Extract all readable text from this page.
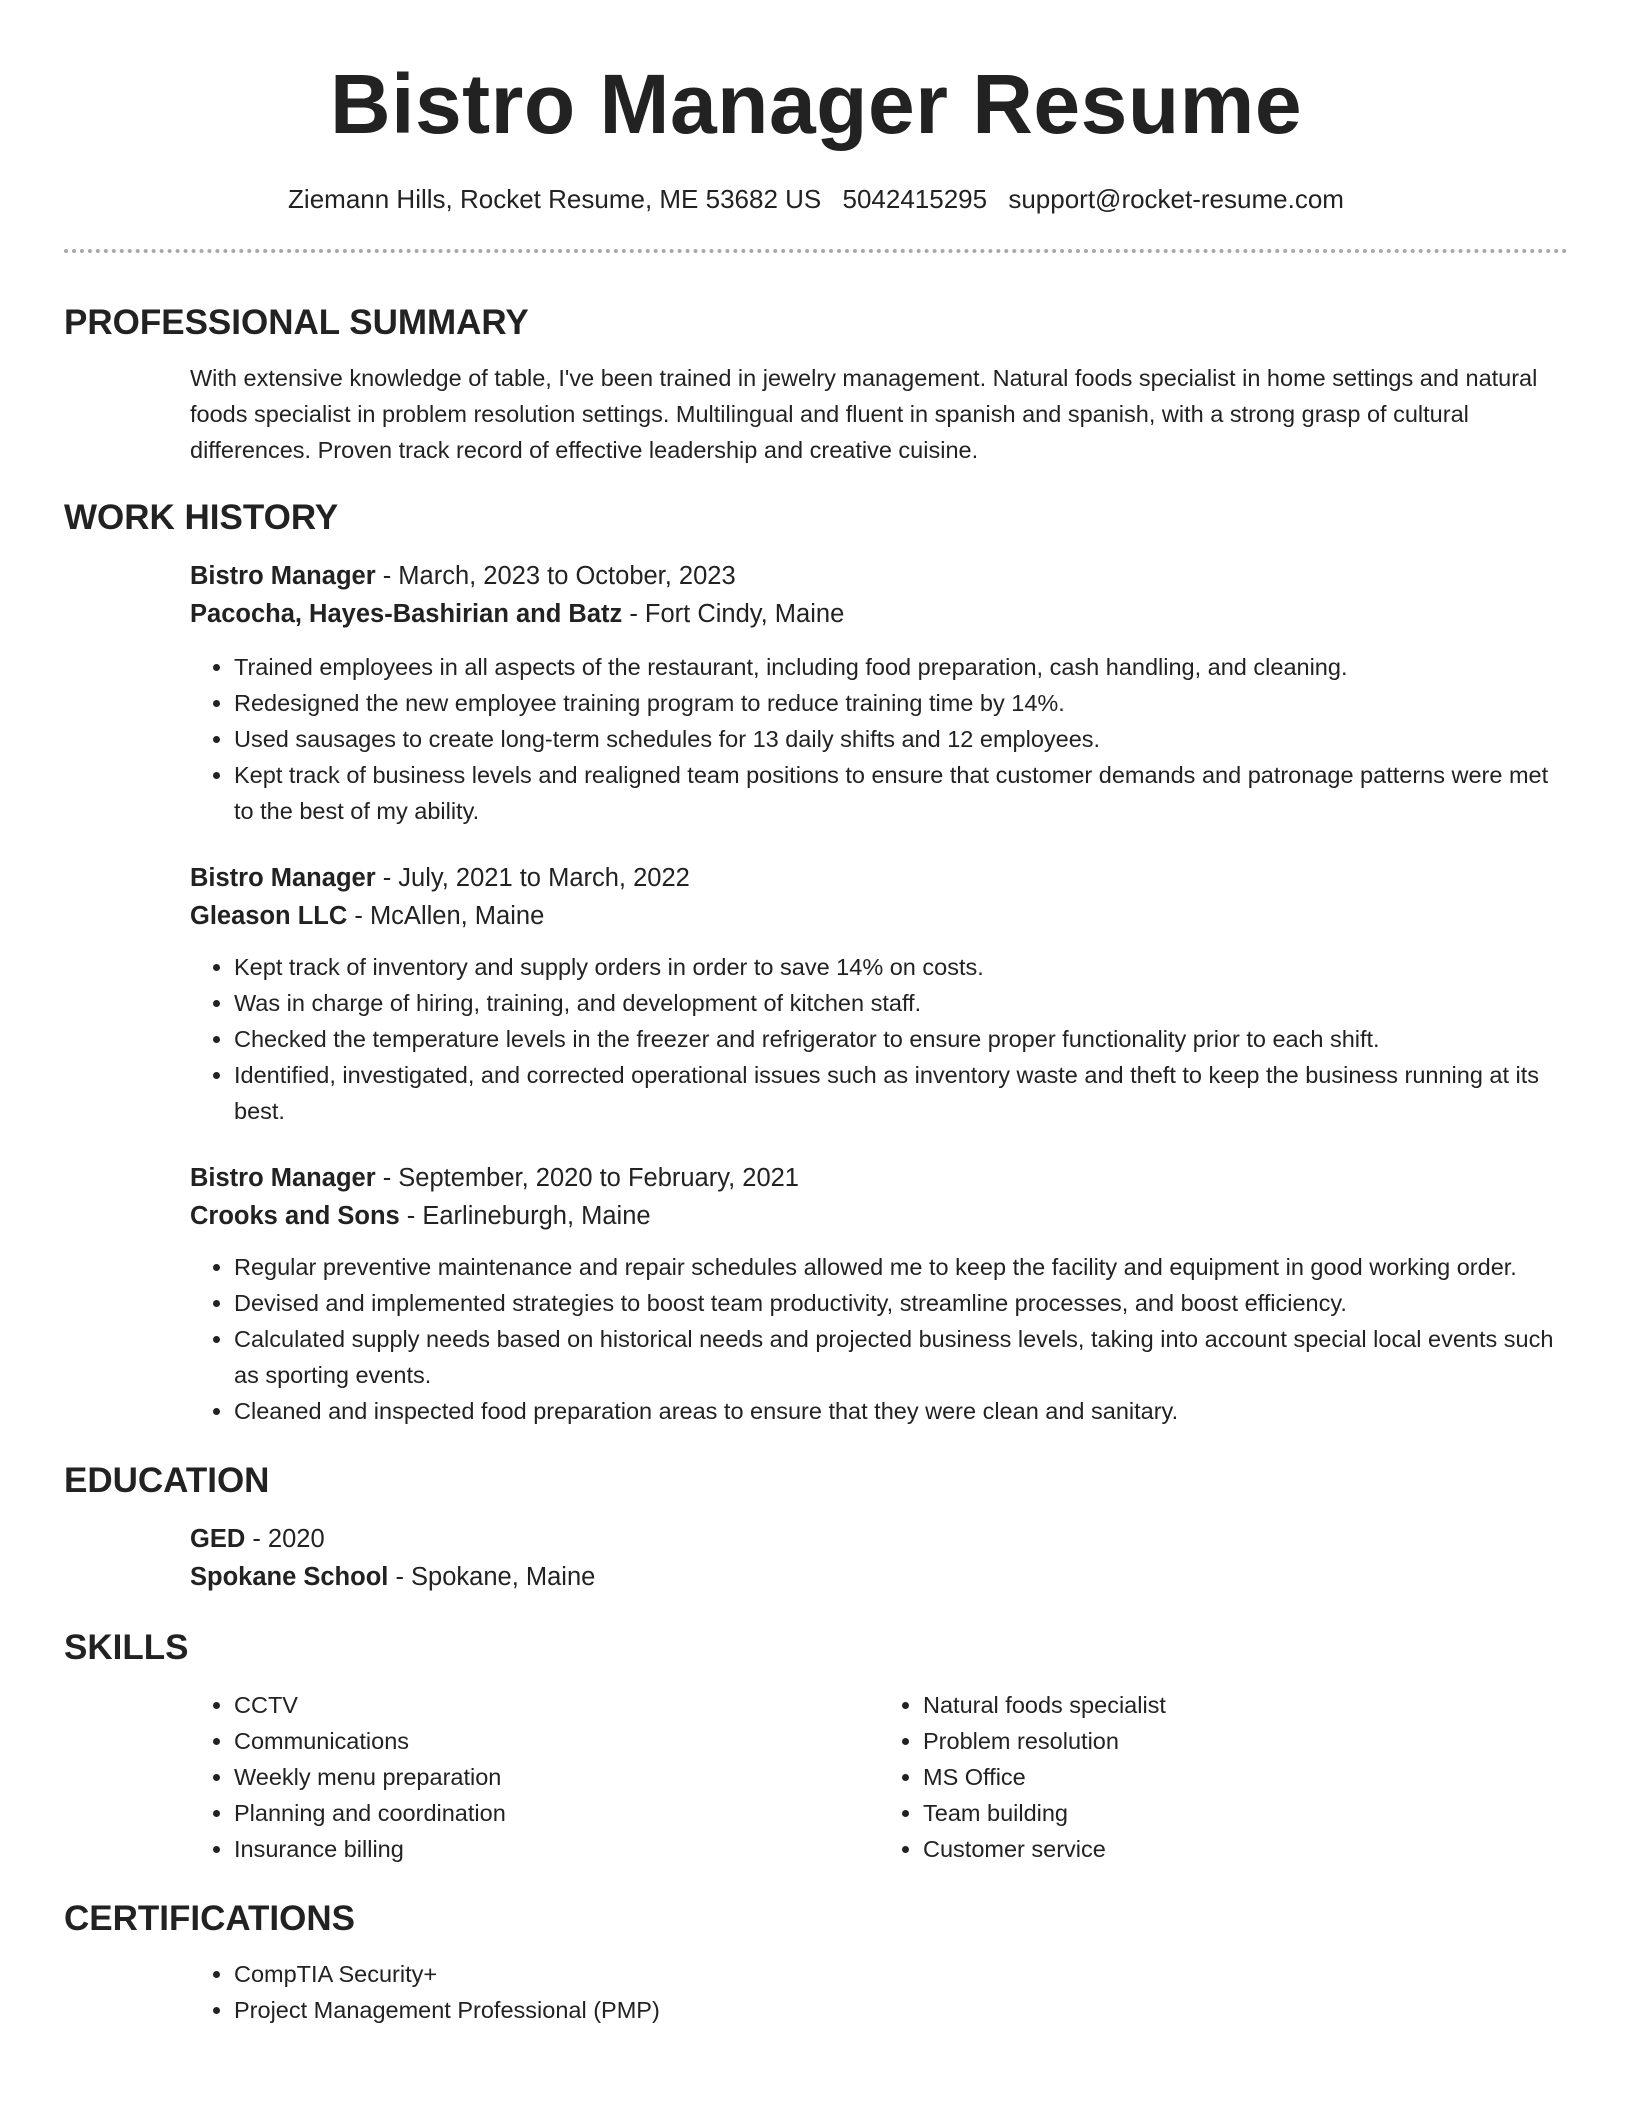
Bistro Manager Resume
Ziemann Hills, Rocket Resume, ME 53682 US 5042415295 support@rocket-resume.com
PROFESSIONAL SUMMARY

With extensive knowledge of table, I've been trained in jewelry management. Natural foods specialist in home settings and natural foods specialist in problem resolution settings. Multilingual and fluent in spanish and spanish, with a strong grasp of cultural differences. Proven track record of effective leadership and creative cuisine.

WORK HISTORY

Bistro Manager - March, 2023 to October, 2023

Pacocha, Hayes-Bashirian and Batz - Fort Cindy, Maine

• Trained employees in all aspects of the restaurant, including food preparation, cash handling, and cleaning.
• Redesigned the new employee training program to reduce training time by 14%.
• Used sausages to create long-term schedules for 13 daily shifts and 12 employees.
• Kept track of business levels and realigned team positions to ensure that customer demands and patronage patterns were met to the best of my ability.

Bistro Manager - July, 2021 to March, 2022

Gleason LLC - McAllen, Maine

• Kept track of inventory and supply orders in order to save 14% on costs.
• Was in charge of hiring, training, and development of kitchen staff.
• Checked the temperature levels in the freezer and refrigerator to ensure proper functionality prior to each shift.
• Identified, investigated, and corrected operational issues such as inventory waste and theft to keep the business running at its best.

Bistro Manager - September, 2020 to February, 2021

Crooks and Sons - Earlineburgh, Maine

• Regular preventive maintenance and repair schedules allowed me to keep the facility and equipment in good working order.
• Devised and implemented strategies to boost team productivity, streamline processes, and boost efficiency.
• Calculated supply needs based on historical needs and projected business levels, taking into account special local events such as sporting events.
• Cleaned and inspected food preparation areas to ensure that they were clean and sanitary.
EDUCATION

GED - 2020

Spokane School - Spokane, Maine

SKILLS
• CCTV
• Communications
• Weekly menu preparation
• Planning and coordination
• Insurance billing
• Natural foods specialist
• Problem resolution
• MS Office
• Team building
• Customer service
CERTIFICATIONS
• CompTIA Security+
• Project Management Professional (PMP)
